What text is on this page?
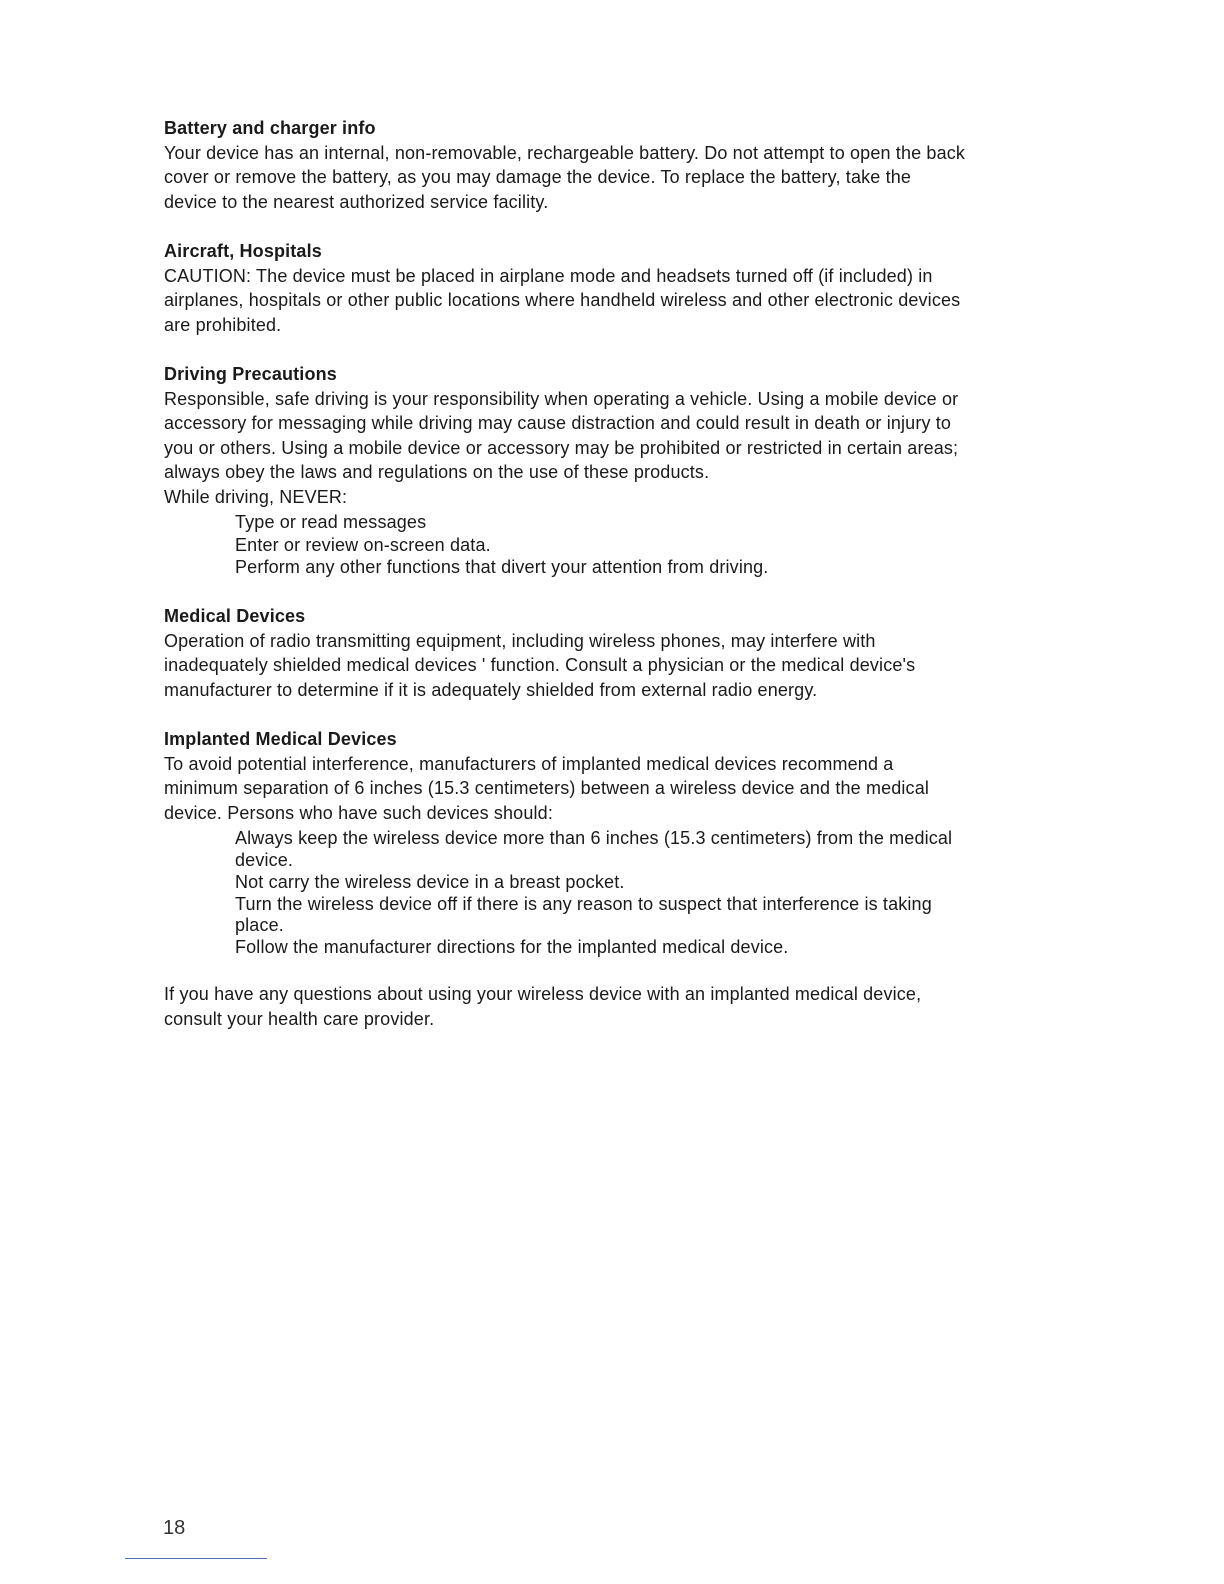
Battery and charger info
Your device has an internal, non-removable, rechargeable battery. Do not attempt to open the back
cover or remove the battery, as you may damage the device. To replace the battery, take the
device to the nearest authorized service facility.
Aircraft, Hospitals
CAUTION: The device must be placed in airplane mode and headsets turned off (if included) in
airplanes, hospitals or other public locations where handheld wireless and other electronic devices
are prohibited.
Driving Precautions
Responsible, safe driving is your responsibility when operating a vehicle. Using a mobile device or
accessory for messaging while driving may cause distraction and could result in death or injury to
you or others. Using a mobile device or accessory may be prohibited or restricted in certain areas;
always obey the laws and regulations on the use of these products.
While driving, NEVER:
Type or read messages
Enter or review on-screen data.
Perform any other functions that divert your attention from driving.
Medical Devices
Operation of radio transmitting equipment, including wireless phones, may interfere with
inadequately shielded medical devices ' function. Consult a physician or the medical device's
manufacturer to determine if it is adequately shielded from external radio energy.
Implanted Medical Devices
To avoid potential interference, manufacturers of implanted medical devices recommend a
minimum separation of 6 inches (15.3 centimeters) between a wireless device and the medical
device. Persons who have such devices should:
Always keep the wireless device more than 6 inches (15.3 centimeters) from the medical
device.
Not carry the wireless device in a breast pocket.
Turn the wireless device off if there is any reason to suspect that interference is taking
place.
Follow the manufacturer directions for the implanted medical device.
If you have any questions about using your wireless device with an implanted medical device,
consult your health care provider.
18
